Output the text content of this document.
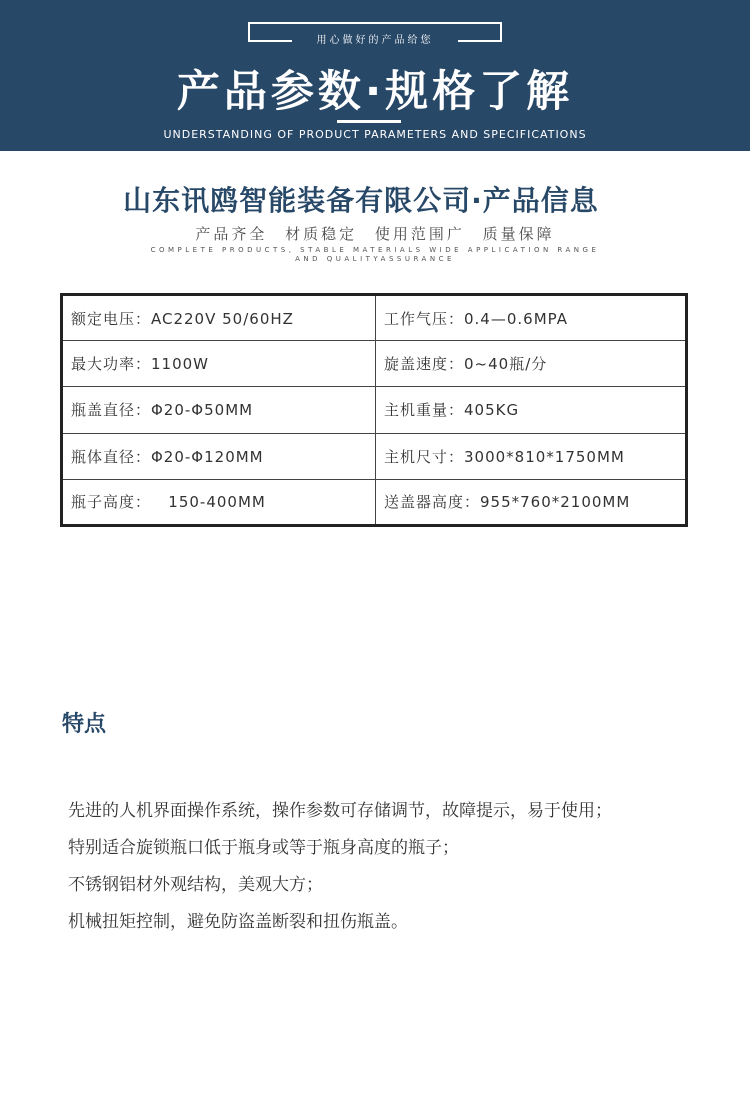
用心做好的产品给您
产品参数·规格了解
UNDERSTANDING OF PRODUCT PARAMETERS AND SPECIFICATIONS
山东讯鸥智能装备有限公司·产品信息
产品齐全 材质稳定 使用范围广 质量保障
COMPLETE PRODUCTS, STABLE MATERIALS WIDE APPLICATION RANGE AND QUALITYASSURANCE
额定电压：AC220V 50/60HZ	工作气压：0.4—0.6MPA
最大功率：1100W	旋盖速度：0~40瓶/分
瓶盖直径：Φ20-Φ50MM	主机重量：405KG
瓶体直径：Φ20-Φ120MM	主机尺寸：3000*810*1750MM
瓶子高度：   150-400MM	送盖器高度：955*760*2100MM
特点
先进的人机界面操作系统，操作参数可存储调节，故障提示，易于使用；
特别适合旋锁瓶口低于瓶身或等于瓶身高度的瓶子；
不锈钢铝材外观结构，美观大方；
机械扭矩控制，避免防盗盖断裂和扭伤瓶盖。
